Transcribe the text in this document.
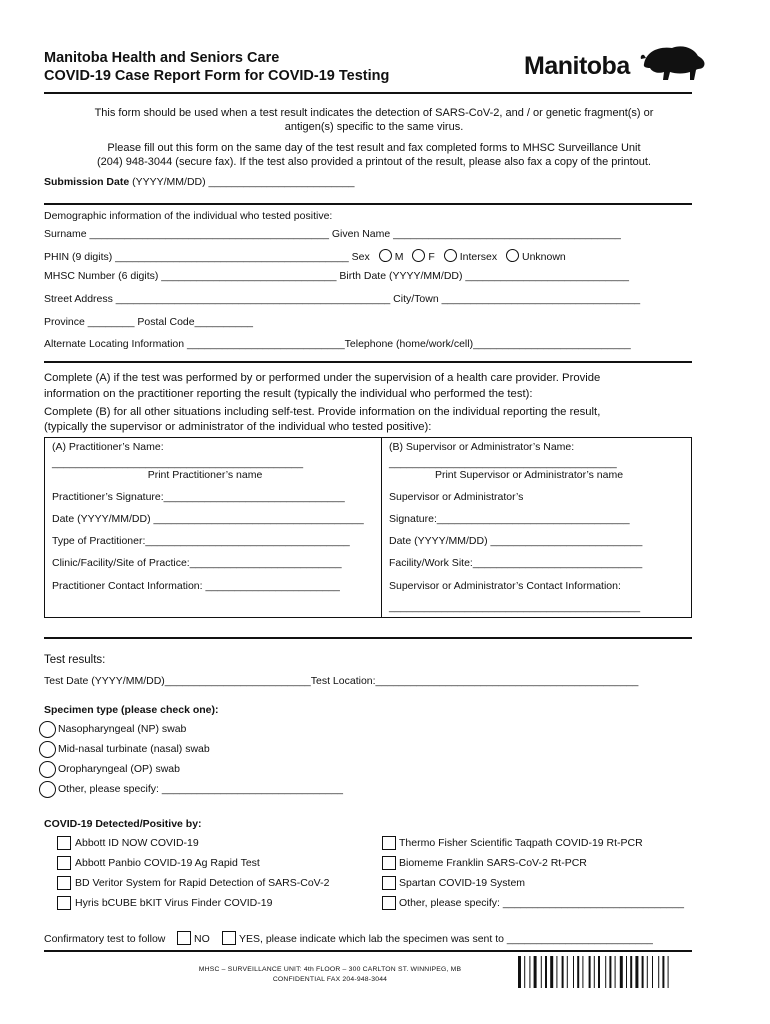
Manitoba Health and Seniors Care
COVID-19 Case Report Form for COVID-19 Testing	Manitoba
This form should be used when a test result indicates the detection of SARS-CoV-2, and / or genetic fragment(s) or
antigen(s) specific to the same virus.
Please fill out this form on the same day of the test result and fax completed forms to MHSC Surveillance Unit
(204) 948-3044 (secure fax). If the test also provided a printout of the result, please also fax a copy of the printout.
Submission Date (YYYY/MM/DD) _________________________
Demographic information of the individual who tested positive:
Surname _________________________________________ Given Name _______________________________________
PHIN (9 digits) ________________________________________ Sex M F Intersex Unknown
MHSC Number (6 digits) ______________________________ Birth Date (YYYY/MM/DD) ____________________________
Street Address _______________________________________________ City/Town __________________________________
Province ________ Postal Code__________
Alternate Locating Information ___________________________Telephone (home/work/cell)___________________________
Complete (A) if the test was performed by or performed under the supervision of a health care provider. Provide
information on the practitioner reporting the result (typically the individual who performed the test):
Complete (B) for all other situations including self-test. Provide information on the individual reporting the result,
(typically the supervisor or administrator of the individual who tested positive):
(A) Practitioner’s Name:
___________________________________________
Print Practitioner’s name
Practitioner’s Signature:_______________________________
Date (YYYY/MM/DD) ____________________________________
Type of Practitioner:___________________________________
Clinic/Facility/Site of Practice:__________________________
Practitioner Contact Information: _______________________
(B) Supervisor or Administrator’s Name:
_______________________________________
Print Supervisor or Administrator’s name
Supervisor or Administrator’s
Signature:_________________________________
Date (YYYY/MM/DD) __________________________
Facility/Work Site:_____________________________
Supervisor or Administrator’s Contact Information:
___________________________________________
Test results:
Test Date (YYYY/MM/DD)_________________________Test Location:_____________________________________________
Specimen type (please check one):
Nasopharyngeal (NP) swab
Mid-nasal turbinate (nasal) swab
Oropharyngeal (OP) swab
Other, please specify: _______________________________
COVID-19 Detected/Positive by:
Abbott ID NOW COVID-19
Abbott Panbio COVID-19 Ag Rapid Test
BD Veritor System for Rapid Detection of SARS-CoV-2
Hyris bCUBE bKIT Virus Finder COVID-19
Thermo Fisher Scientific Taqpath COVID-19 Rt-PCR
Biomeme Franklin SARS-CoV-2 Rt-PCR
Spartan COVID-19 System
Other, please specify: _______________________________
Confirmatory test to follow	NO	YES, please indicate which lab the specimen was sent to _________________________
MHSC – SURVEILLANCE UNIT: 4th FLOOR – 300 CARLTON ST. WINNIPEG, MB
CONFIDENTIAL FAX 204-948-3044
